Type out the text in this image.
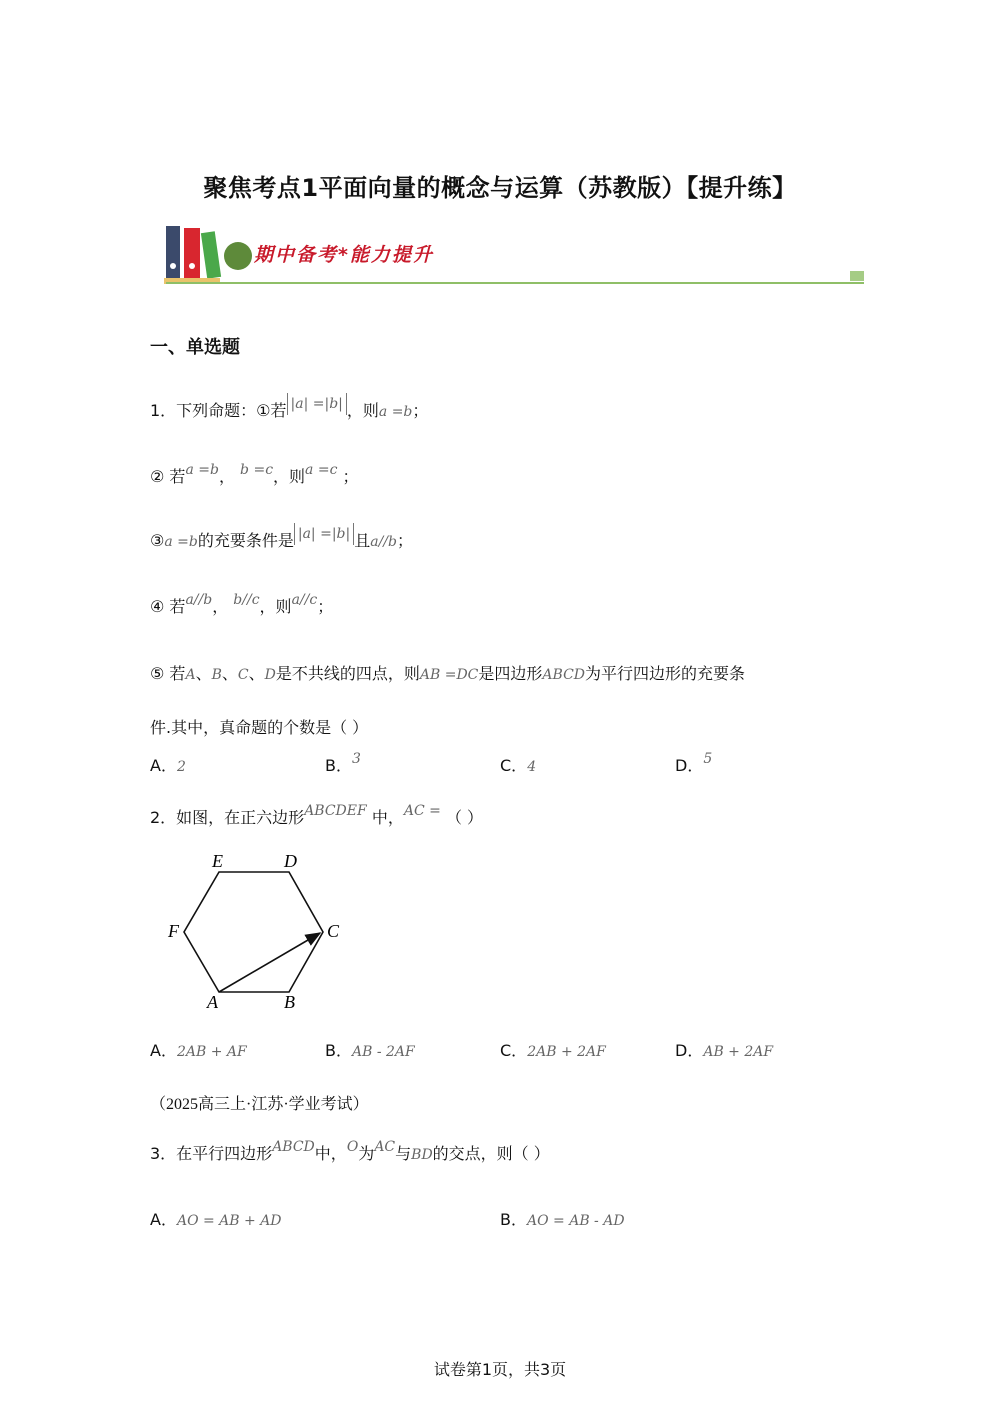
聚焦考点1平面向量的概念与运算（苏教版）【提升练】
期中备考*能力提升
一、单选题
1．下列命题：①若 |a| =|b| ，则a =b；
② 若a =b， b =c，则a =c ；
③a =b的充要条件是 |a| =|b| 且a//b；
④ 若a//b， b//c，则a//c；
⑤ 若A、B、C、D是不共线的四点，则AB =DC是四边形ABCD为平行四边形的充要条
件.其中，真命题的个数是（ ）
A．2	B．3	C．4	D．5
2．如图，在正六边形ABCDEF 中，AC = （ ）
E	D
F	C
A	B
A．2AB + AF	B．AB - 2AF	C．2AB + 2AF	D．AB + 2AF
（2025高三上·江苏·学业考试）
3．在平行四边形ABCD中，O为AC与BD的交点，则（ ）
A．AO = AB + AD	B．AO = AB - AD
试卷第1页，共3页
